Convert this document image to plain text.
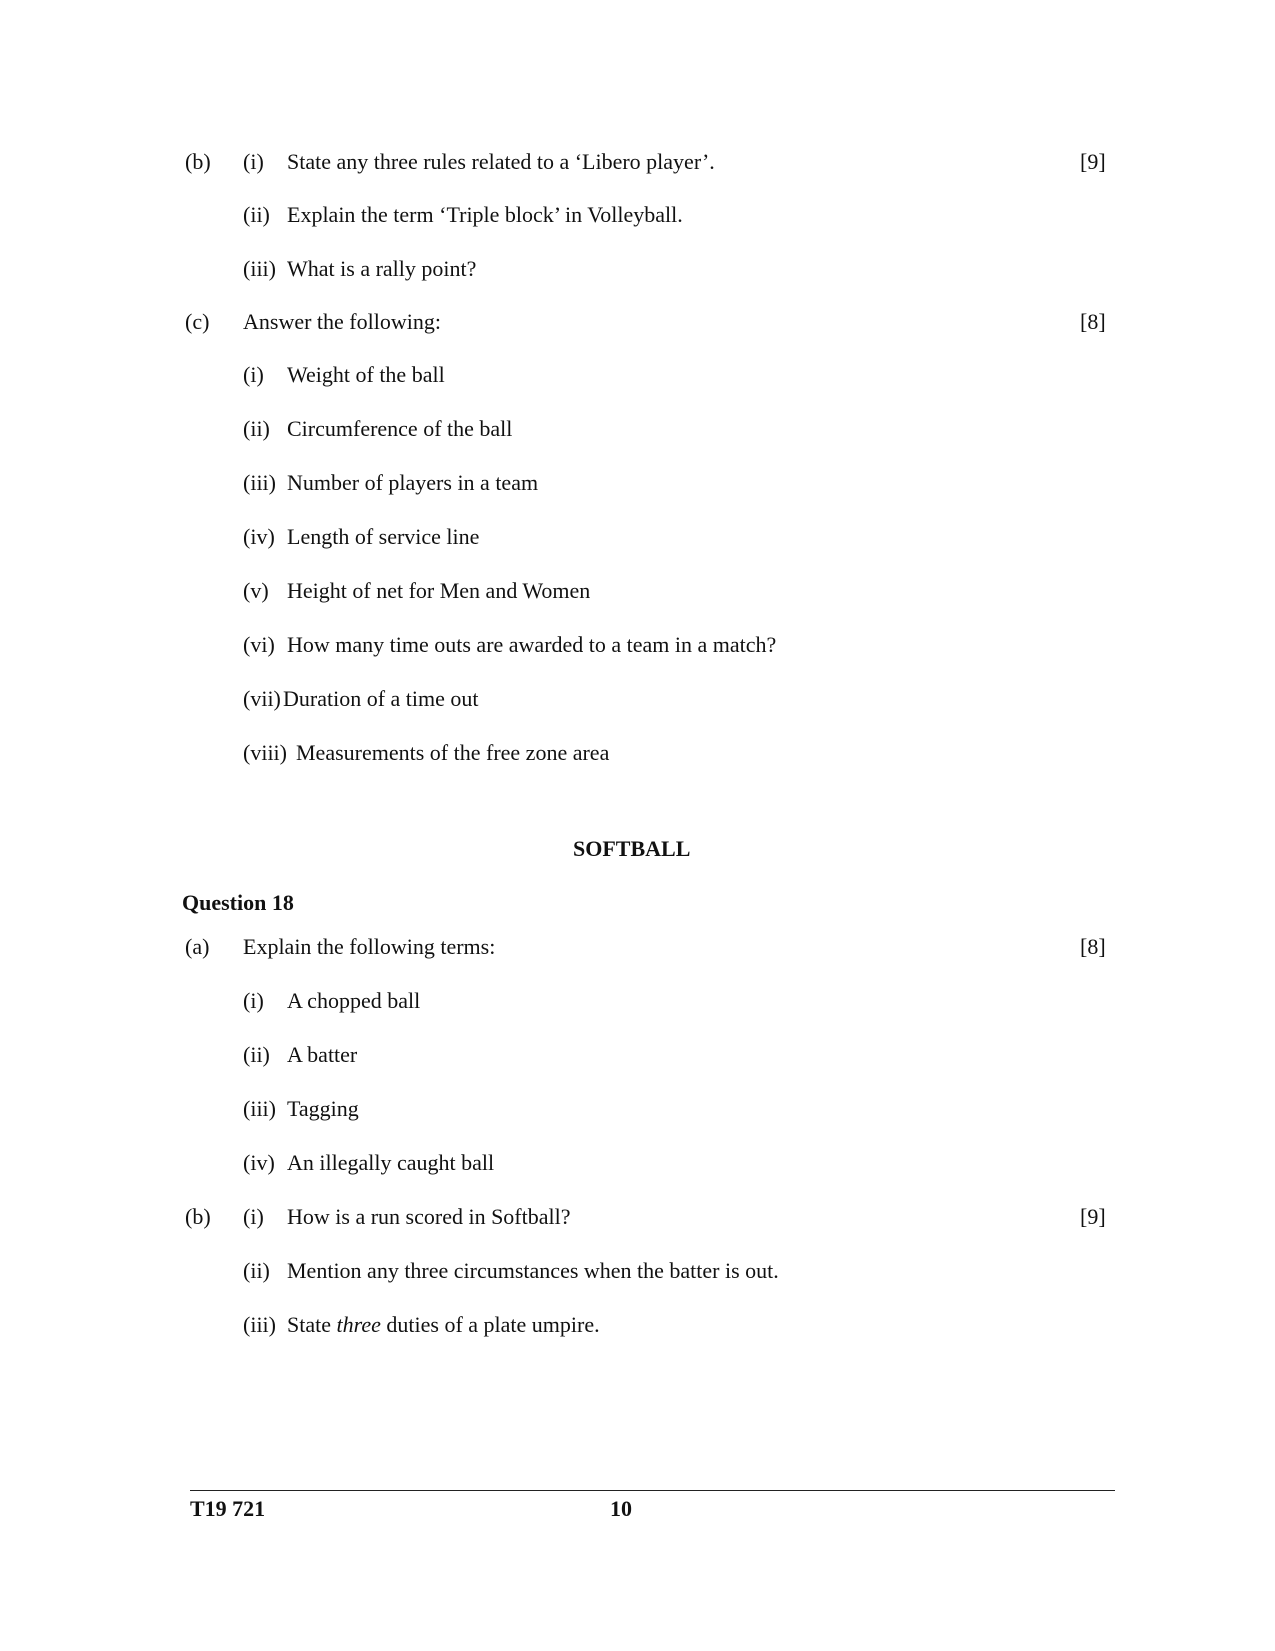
(b) (i) State any three rules related to a ‘Libero player’.	[9]
(ii) Explain the term ‘Triple block’ in Volleyball.
(iii) What is a rally point?
(c) Answer the following:	[8]
(i) Weight of the ball
(ii) Circumference of the ball
(iii) Number of players in a team
(iv) Length of service line
(v) Height of net for Men and Women
(vi) How many time outs are awarded to a team in a match?
(vii) Duration of a time out
(viii) Measurements of the free zone area
SOFTBALL
Question 18
(a) Explain the following terms:	[8]
(i) A chopped ball
(ii) A batter
(iii) Tagging
(iv) An illegally caught ball
(b) (i) How is a run scored in Softball?	[9]
(ii) Mention any three circumstances when the batter is out.
(iii) State three duties of a plate umpire.
T19 721	10
